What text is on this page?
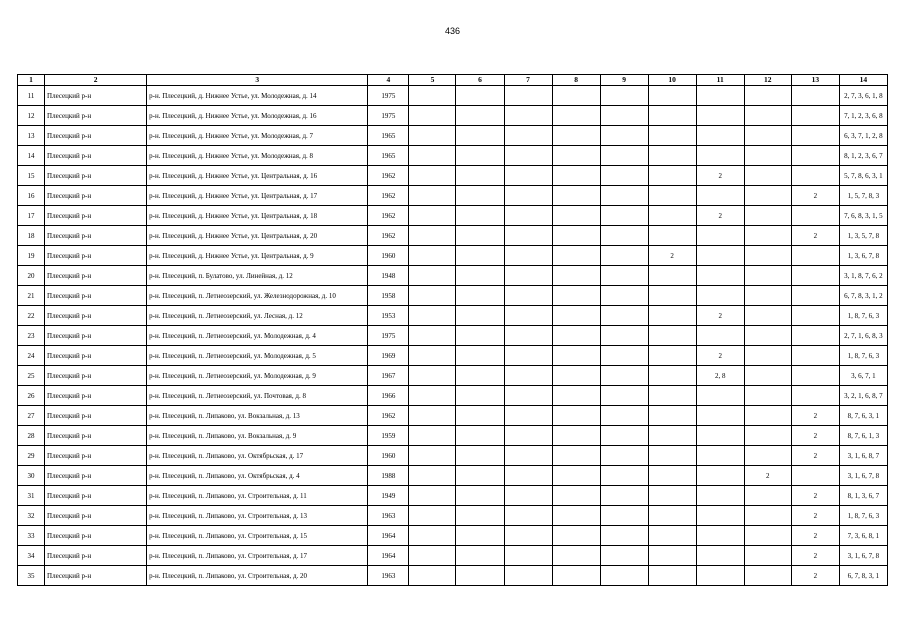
436
1	2	3	4	5	6	7	8	9	10	11	12	13	14
11	Плесецкий р-н	р-н. Плесецкий, д. Нижнее Устье, ул. Молодежная, д. 14	1975										2, 7, 3, 6, 1, 8
12	Плесецкий р-н	р-н. Плесецкий, д. Нижнее Устье, ул. Молодежная, д. 16	1975										7, 1, 2, 3, 6, 8
13	Плесецкий р-н	р-н. Плесецкий, д. Нижнее Устье, ул. Молодежная, д. 7	1965										6, 3, 7, 1, 2, 8
14	Плесецкий р-н	р-н. Плесецкий, д. Нижнее Устье, ул. Молодежная, д. 8	1965										8, 1, 2, 3, 6, 7
15	Плесецкий р-н	р-н. Плесецкий, д. Нижнее Устье, ул. Центральная, д. 16	1962							2			5, 7, 8, 6, 3, 1
16	Плесецкий р-н	р-н. Плесецкий, д. Нижнее Устье, ул. Центральная, д. 17	1962									2	1, 5, 7, 8, 3
17	Плесецкий р-н	р-н. Плесецкий, д. Нижнее Устье, ул. Центральная, д. 18	1962							2			7, 6, 8, 3, 1, 5
18	Плесецкий р-н	р-н. Плесецкий, д. Нижнее Устье, ул. Центральная, д. 20	1962									2	1, 3, 5, 7, 8
19	Плесецкий р-н	р-н. Плесецкий, д. Нижнее Устье, ул. Центральная, д. 9	1960						2				1, 3, 6, 7, 8
20	Плесецкий р-н	р-н. Плесецкий, п. Булатово, ул. Линейная, д. 12	1948										3, 1, 8, 7, 6, 2
21	Плесецкий р-н	р-н. Плесецкий, п. Летнеозерский, ул. Железнодорожная, д. 10	1958										6, 7, 8, 3, 1, 2
22	Плесецкий р-н	р-н. Плесецкий, п. Летнеозерский, ул. Лесная, д. 12	1953							2			1, 8, 7, 6, 3
23	Плесецкий р-н	р-н. Плесецкий, п. Летнеозерский, ул. Молодежная, д. 4	1975										2, 7, 1, 6, 8, 3
24	Плесецкий р-н	р-н. Плесецкий, п. Летнеозерский, ул. Молодежная, д. 5	1969							2			1, 8, 7, 6, 3
25	Плесецкий р-н	р-н. Плесецкий, п. Летнеозерский, ул. Молодежная, д. 9	1967							2, 8			3, 6, 7, 1
26	Плесецкий р-н	р-н. Плесецкий, п. Летнеозерский, ул. Почтовая, д. 8	1966										3, 2, 1, 6, 8, 7
27	Плесецкий р-н	р-н. Плесецкий, п. Липаково, ул. Вокзальная, д. 13	1962									2	8, 7, 6, 3, 1
28	Плесецкий р-н	р-н. Плесецкий, п. Липаково, ул. Вокзальная, д. 9	1959									2	8, 7, 6, 1, 3
29	Плесецкий р-н	р-н. Плесецкий, п. Липаково, ул. Октябрьская, д. 17	1960									2	3, 1, 6, 8, 7
30	Плесецкий р-н	р-н. Плесецкий, п. Липаково, ул. Октябрьская, д. 4	1988								2		3, 1, 6, 7, 8
31	Плесецкий р-н	р-н. Плесецкий, п. Липаково, ул. Строительная, д. 11	1949									2	8, 1, 3, 6, 7
32	Плесецкий р-н	р-н. Плесецкий, п. Липаково, ул. Строительная, д. 13	1963									2	1, 8, 7, 6, 3
33	Плесецкий р-н	р-н. Плесецкий, п. Липаково, ул. Строительная, д. 15	1964									2	7, 3, 6, 8, 1
34	Плесецкий р-н	р-н. Плесецкий, п. Липаково, ул. Строительная, д. 17	1964									2	3, 1, 6, 7, 8
35	Плесецкий р-н	р-н. Плесецкий, п. Липаково, ул. Строительная, д. 20	1963									2	6, 7, 8, 3, 1
